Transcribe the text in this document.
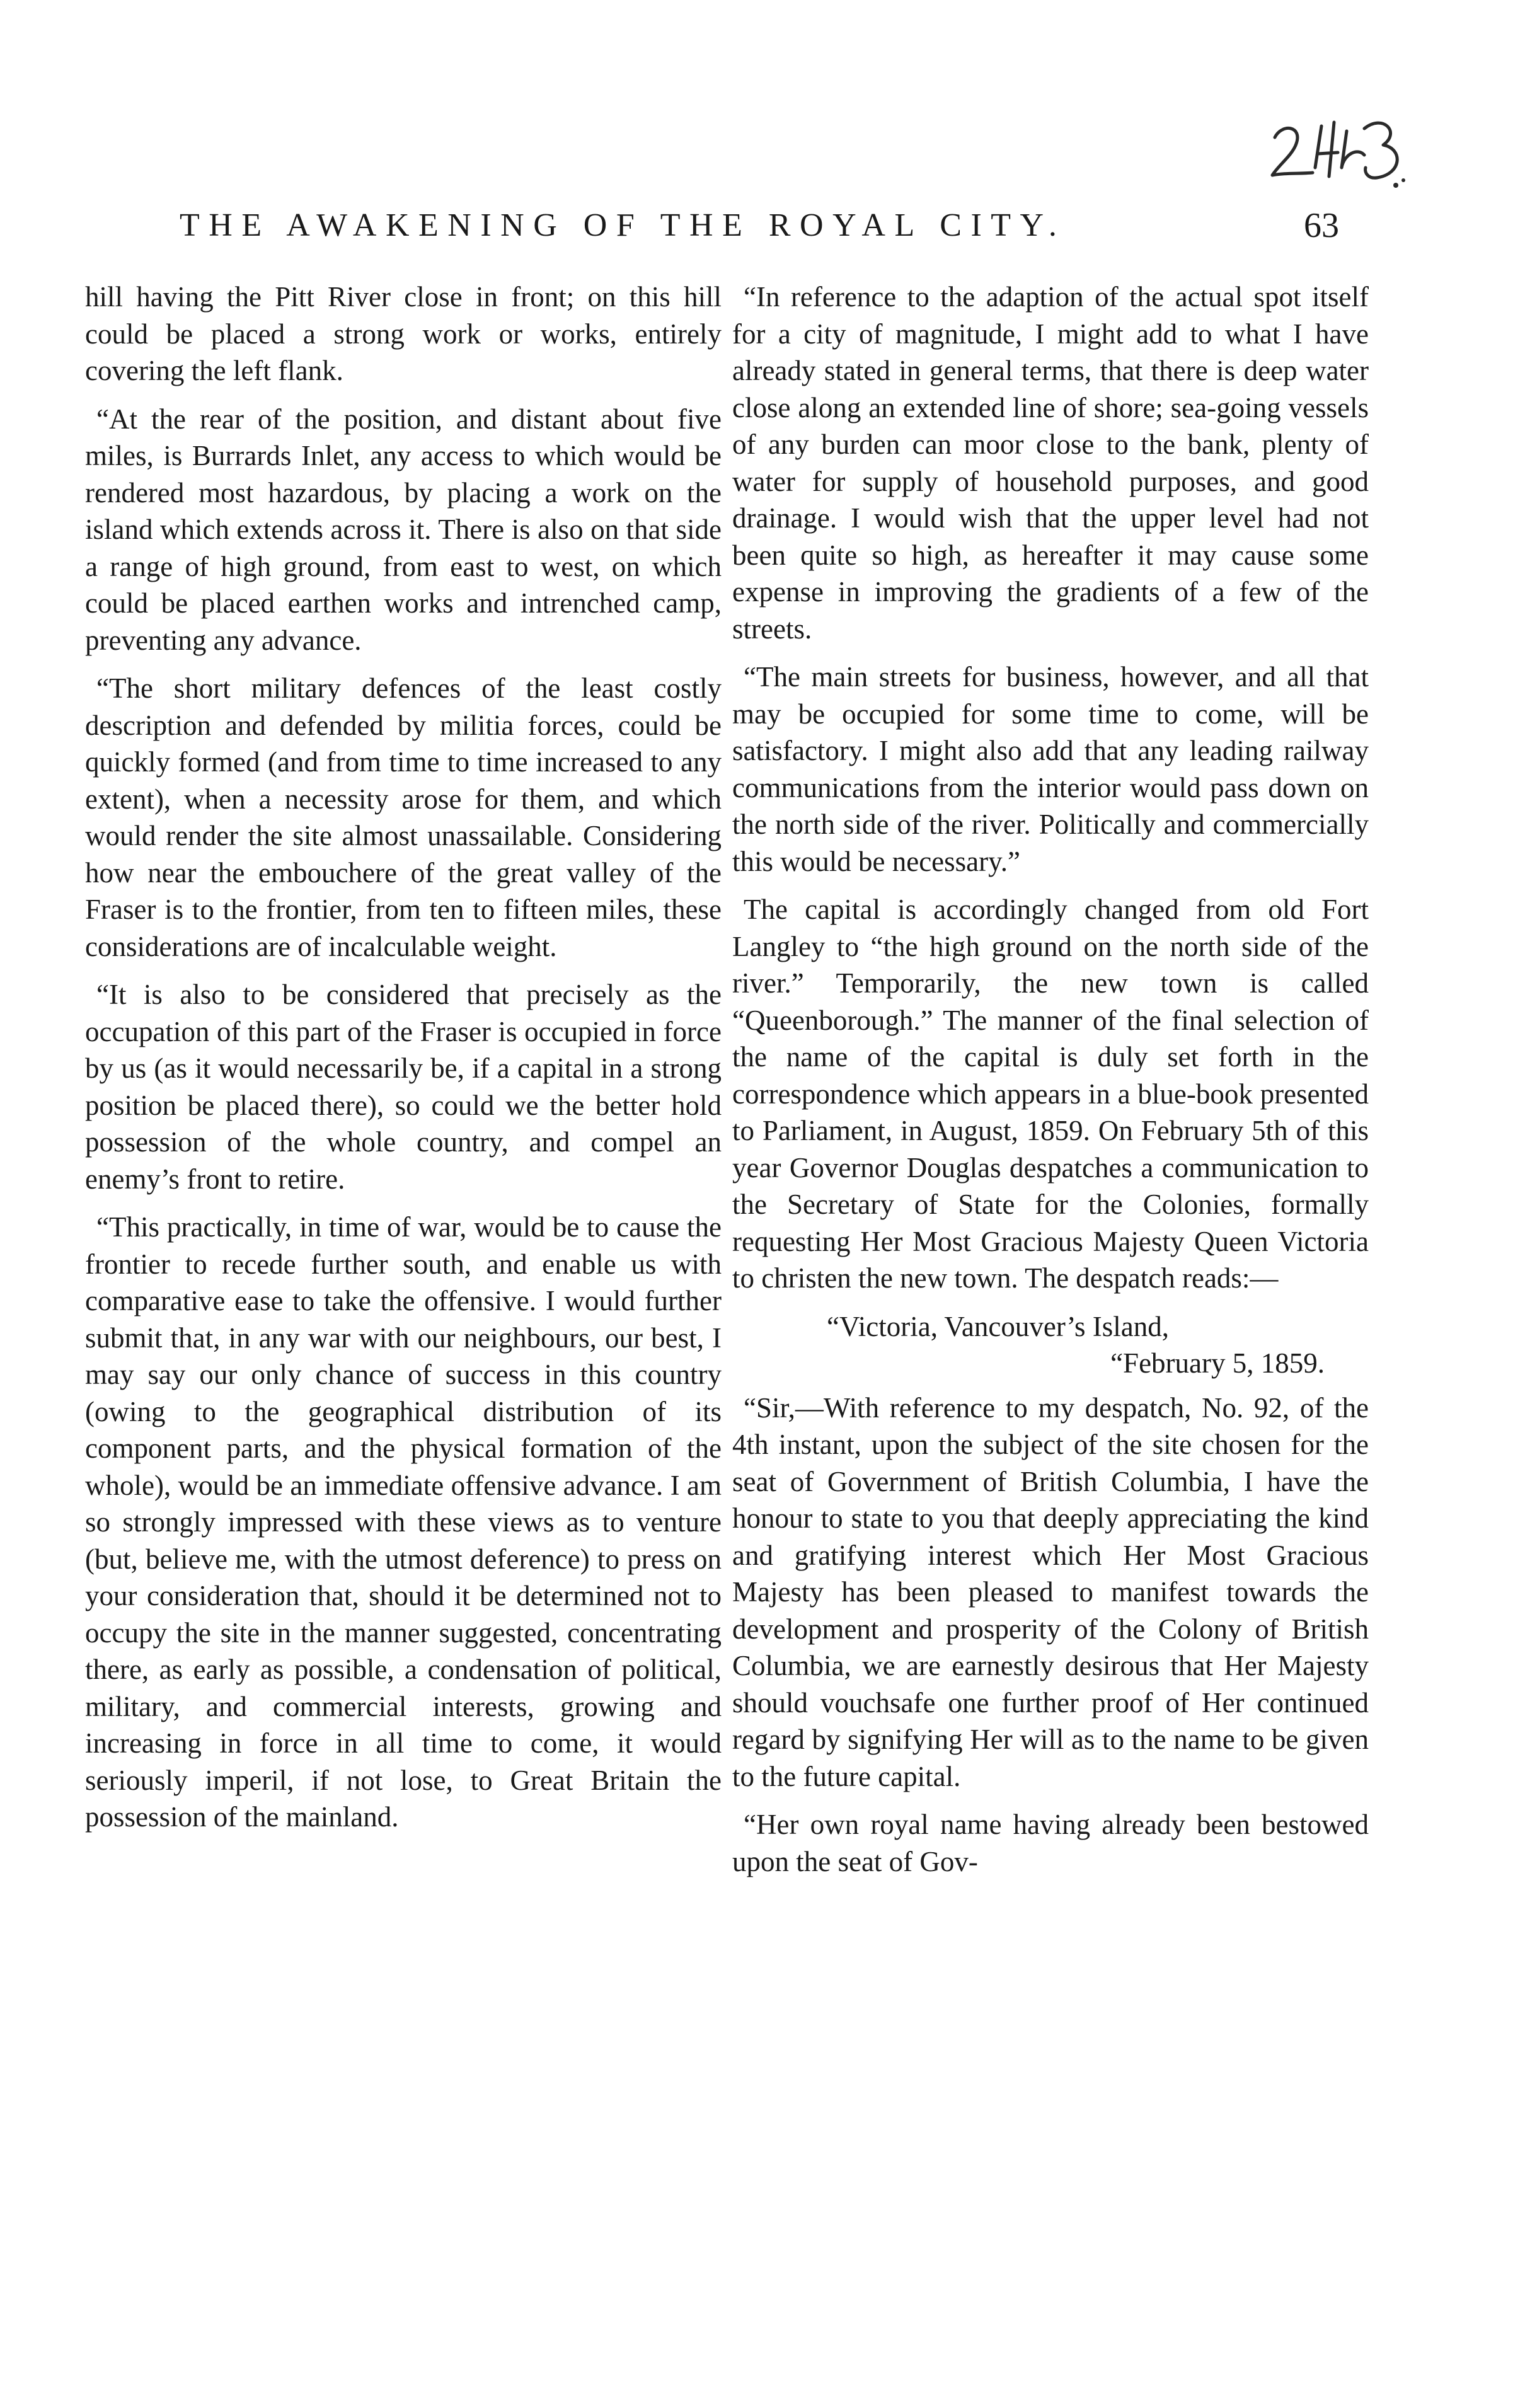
THE AWAKENING OF THE ROYAL CITY.	63

hill having the Pitt River close in front; on this hill could be placed a strong work or works, entirely covering the left flank.

“At the rear of the position, and distant about five miles, is Burrards Inlet, any access to which would be rendered most hazardous, by placing a work on the island which extends across it. There is also on that side a range of high ground, from east to west, on which could be placed earthen works and intrenched camp, preventing any advance.

“The short military defences of the least costly description and defended by militia forces, could be quickly formed (and from time to time increased to any extent), when a necessity arose for them, and which would render the site almost unassailable. Considering how near the embouchere of the great valley of the Fraser is to the frontier, from ten to fifteen miles, these considerations are of incalculable weight.

“It is also to be considered that precisely as the occupation of this part of the Fraser is occupied in force by us (as it would necessarily be, if a capital in a strong position be placed there), so could we the better hold possession of the whole country, and compel an enemy’s front to retire.

“This practically, in time of war, would be to cause the frontier to recede further south, and enable us with comparative ease to take the offensive. I would further submit that, in any war with our neighbours, our best, I may say our only chance of success in this country (owing to the geographical distribution of its component parts, and the physical formation of the whole), would be an immediate offensive advance. I am so strongly impressed with these views as to venture (but, believe me, with the utmost deference) to press on your consideration that, should it be determined not to occupy the site in the manner suggested, concentrating there, as early as possible, a condensation of political, military, and commercial interests, growing and increasing in force in all time to come, it would seriously imperil, if not lose, to Great Britain the possession of the mainland.

“In reference to the adaption of the actual spot itself for a city of magnitude, I might add to what I have already stated in general terms, that there is deep water close along an extended line of shore; sea-going vessels of any burden can moor close to the bank, plenty of water for supply of household purposes, and good drainage. I would wish that the upper level had not been quite so high, as hereafter it may cause some expense in improving the gradients of a few of the streets.

“The main streets for business, however, and all that may be occupied for some time to come, will be satisfactory. I might also add that any leading railway communications from the interior would pass down on the north side of the river. Politically and commercially this would be necessary.”

The capital is accordingly changed from old Fort Langley to “the high ground on the north side of the river.” Temporarily, the new town is called “Queenborough.” The manner of the final selection of the name of the capital is duly set forth in the correspondence which appears in a blue-book presented to Parliament, in August, 1859. On February 5th of this year Governor Douglas despatches a communication to the Secretary of State for the Colonies, formally requesting Her Most Gracious Majesty Queen Victoria to christen the new town. The despatch reads:—

“Victoria, Vancouver’s Island,
“February 5, 1859.

“Sir,—With reference to my despatch, No. 92, of the 4th instant, upon the subject of the site chosen for the seat of Government of British Columbia, I have the honour to state to you that deeply appreciating the kind and gratifying interest which Her Most Gracious Majesty has been pleased to manifest towards the development and prosperity of the Colony of British Columbia, we are earnestly desirous that Her Majesty should vouchsafe one further proof of Her continued regard by signifying Her will as to the name to be given to the future capital.

“Her own royal name having already been bestowed upon the seat of Gov-
